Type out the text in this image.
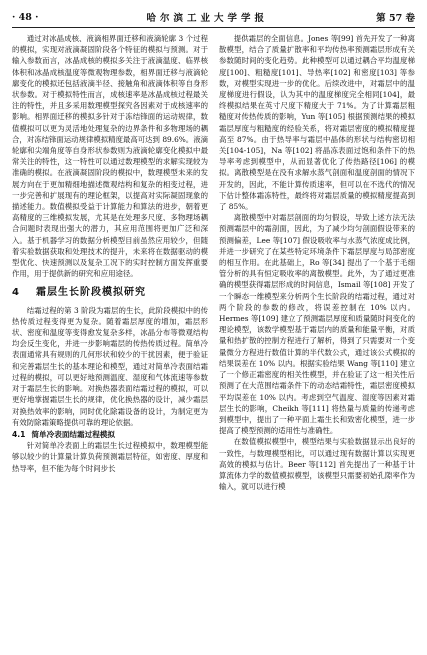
· 48 ·	哈尔滨工业大学学报	第 57 卷

通过对冰晶成核、液滴相界面迁移和液滴轮廓 3 个过程的模拟，实现对液滴凝固阶段各个特征的模拟与预测。对于输入参数而言，冰晶成核的模拟多关注于液滴温度、临界核体积和冰晶成核温度等微观物理参数，相界面迁移与液滴轮廓变化的模拟还包括液滴半径、接触角和液滴体积等自身形状参数。对于模拟特性而言，成核速率是冰晶成核过程最关注的特性，并且多采用数理模型探究各因素对于成核速率的影响。相界面迁移的模拟多针对于冻结锋面的运动规律，数值模拟可以更为灵活地处理复杂的边界条件和多物理场的耦合，对冻结锋面运动规律模拟精度最高可达到 89.6%。液滴轮廓和尖端角度等自身形状参数则为液滴轮廓变化模拟中最常关注的特性，这一特性可以通过数理模型的求解实现较为准确的模拟。在液滴凝固阶段的模拟中，数理模型未来的发展方向在于更加精细地描述微观结构和复杂的相变过程，进一步完善和扩展现有的理论框架，以提高对实际凝固现象的描述能力。数值模拟受益于计算能力和算法的进步，朝着更高精度的三维模拟发展，尤其是在处理多尺度、多物理场耦合问题时表现出强大的潜力，其应用范围将更加广泛和深入。基于机器学习的数据分析模型目前虽然应用较少，但随着实验数据获取和处理技术的提升，未来将在数据驱动的模型优化、快速预测以及复杂工况下的实时控制方面发挥重要作用，用于提供新的研究和应用途径。

4 霜层生长阶段模拟研究

结霜过程的第 3 阶段为霜层的生长，此阶段模拟中的传热传质过程变得更为复杂。随着霜层厚度的增加，霜层形状、密度和温度等变得愈发复杂多样，冰晶分布等微观结构均会反生变化，并进一步影响霜层的传热传质过程。简单冷表面通常具有规则的几何形状和较少的干扰因素，便于验证和完善霜层生长的基本理论和模型，通过对简单冷表面结霜过程的模拟，可以更好地预测温度、湿度和气体流速等参数对于霜层生长的影响。对换热器表面结霜过程的模拟，可以更好地掌握霜层生长的规律，优化换热器的设计，减少霜层对换热效率的影响，同时优化除霜设备的设计，为制定更为有效防除霜策略提供可靠的理论依据。

4.1 简单冷表面结霜过程模拟

针对简单冷表面上的霜层生长过程模拟中，数理模型能够以较少的计算量计算负荷预测霜层特征，如密度、厚度和热导率，但不能为每个时间步长

提供霜层的全面信息。Jones 等[99] 首先开发了一种离散模型，结合了质量扩散率和平均传热率预测霜层形成有关参数随时间的变化趋势。此种模型可以通过耦合平均温度梯度[100]、粗糙度[101]、导热率[102] 和密度[103] 等参数，对模型实现进一步的优化。后续改进中，对霜层中的温度梯度进行假设，认为其中的温度梯度完全相同[104]，最终模拟结果在英寸尺度下精度大于 71%。为了计算霜层粗糙度对传热传质的影响，Yun 等[105] 根据预测结果的模拟霜层厚度与粗糙度的经验关系，将对霜层密度的模拟精度提高至 87%。由于热导率与霜层中晶体的形状与结构密切相关[104-105]，Na 等[102] 将晶冻表面过饱和条件下的热导率考虑到模型中，从而显著优化了传热路径[106] 的模拟。离散模型是在没有求解水蒸气剖面和温度剖面的情况下开发的，因此，不能计算传质速率，但可以在不选代的情况下估计整体霜冻特性，最终将对霜层质量的模拟精度提高到了 85%。

离散模型中对霜层剖面的均匀假设，导致上述方法无法预测霜层中的霜剖面，因此，为了减少均匀剖面假设带来的预测偏差，Lee 等[107] 假设吸收率与水蒸气浓度成比例，并进一步研究了在某些特定环境条件下霜层厚度与局部密度的相互作用。在此基础上，Ro 等[34] 提出了一个基于毛细管分析的具有恒定吸收率的离散模型。此外，为了通过更准确的模型获得霜层形成的时间信息，Ismail 等[108] 开发了一个瞬态一维模型来分析两个生长阶段的结霜过程，通过对两个阶段的参数的修改，将误差控制在 10% 以内。Hermes 等[109] 建立了预测霜层厚度和质量随时间变化的理论模型，该数学模型基于霜层内的质量和能量平衡，对质量和热扩散的控制方程进行了解析，得到了只需要对一个变量微分方程进行数值计算的半代数公式，通过该公式模拟的结果误差在 10% 以内。根据实验结果 Wang 等[110] 建立了一个修正霜密度的相关性模型，并在验证了这一相关性后预测了在大范围结霜条件下的动态结霜特性，霜层密度模拟平均误差在 10% 以内。考虑到空气温度、湿度等因素对霜层生长的影响，Cheikh 等[111] 将热量与质量的传递考虑到模型中，提出了一种平面上霜生长和致密化模型，进一步提高了模型预测的适用性与准确性。

在数值模拟模型中，模型结果与实验数据显示出良好的一致性，与数理模型相比，可以通过现有数据计算以实现更高效的模拟与估计。Beer 等[112] 首先提出了一种基于计算流体力学的数值模拟模型，该模型只需要初始孔隙率作为输入，就可以进行模
